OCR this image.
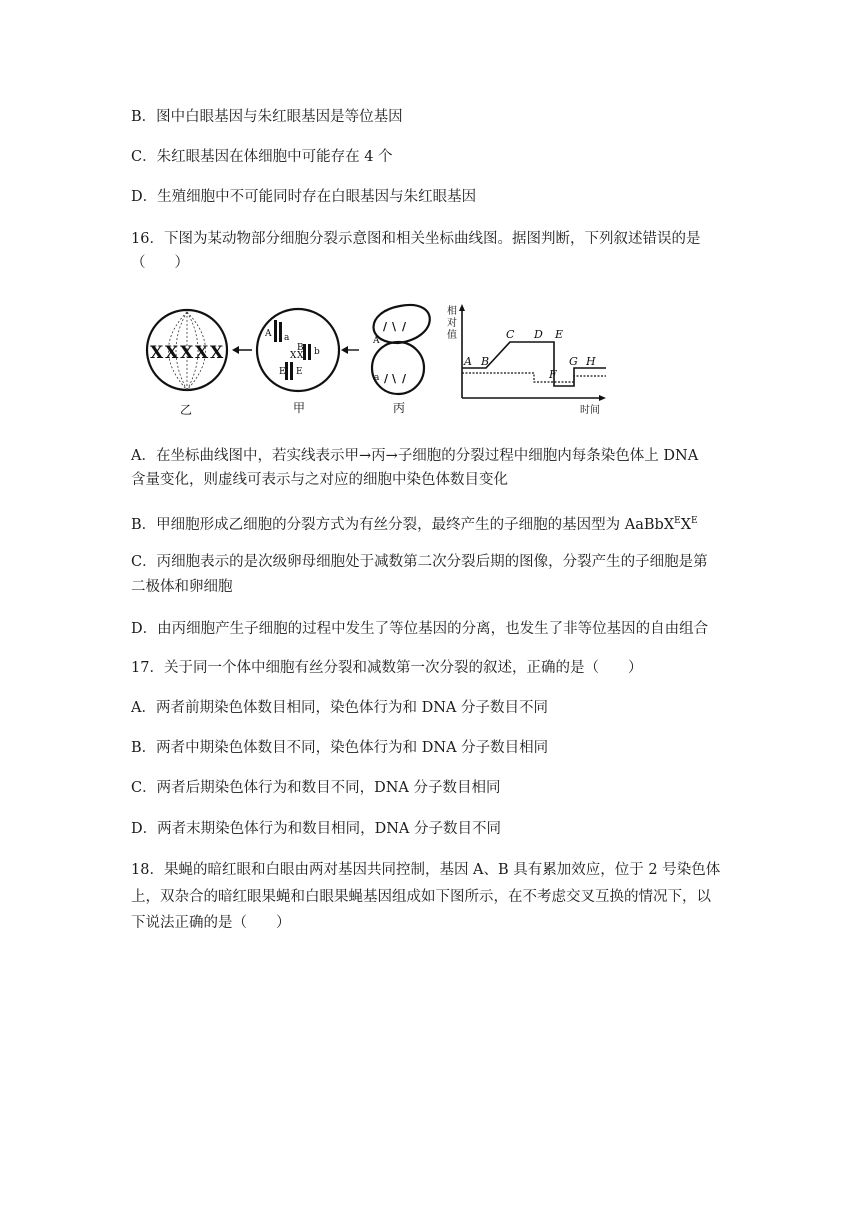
B．图中白眼基因与朱红眼基因是等位基因
C．朱红眼基因在体细胞中可能存在 4 个
D．生殖细胞中不可能同时存在白眼基因与朱红眼基因
16．下图为某动物部分细胞分裂示意图和相关坐标曲线图。据图判断，下列叙述错误的是
（　　）
X X X X X
A a
X X
B b
E E
/ \ /
/ \ /
A
a
乙	甲	丙
相
对
值
时间
A B
C D E
F
G H
A．在坐标曲线图中，若实线表示甲→丙→子细胞的分裂过程中细胞内每条染色体上 DNA
含量变化，则虚线可表示与之对应的细胞中染色体数目变化
B．甲细胞形成乙细胞的分裂方式为有丝分裂，最终产生的子细胞的基因型为 $AaBbX^EX^E$
C．丙细胞表示的是次级卵母细胞处于减数第二次分裂后期的图像，分裂产生的子细胞是第
二极体和卵细胞
D．由丙细胞产生子细胞的过程中发生了等位基因的分离，也发生了非等位基因的自由组合
17．关于同一个体中细胞有丝分裂和减数第一次分裂的叙述，正确的是（　　）
A．两者前期染色体数目相同，染色体行为和 DNA 分子数目不同
B．两者中期染色体数目不同，染色体行为和 DNA 分子数目相同
C．两者后期染色体行为和数目不同，DNA 分子数目相同
D．两者末期染色体行为和数目相同，DNA 分子数目不同
18．果蝇的暗红眼和白眼由两对基因共同控制，基因 A、B 具有累加效应，位于 2 号染色体
上，双杂合的暗红眼果蝇和白眼果蝇基因组成如下图所示，在不考虑交叉互换的情况下，以
下说法正确的是（　　）
